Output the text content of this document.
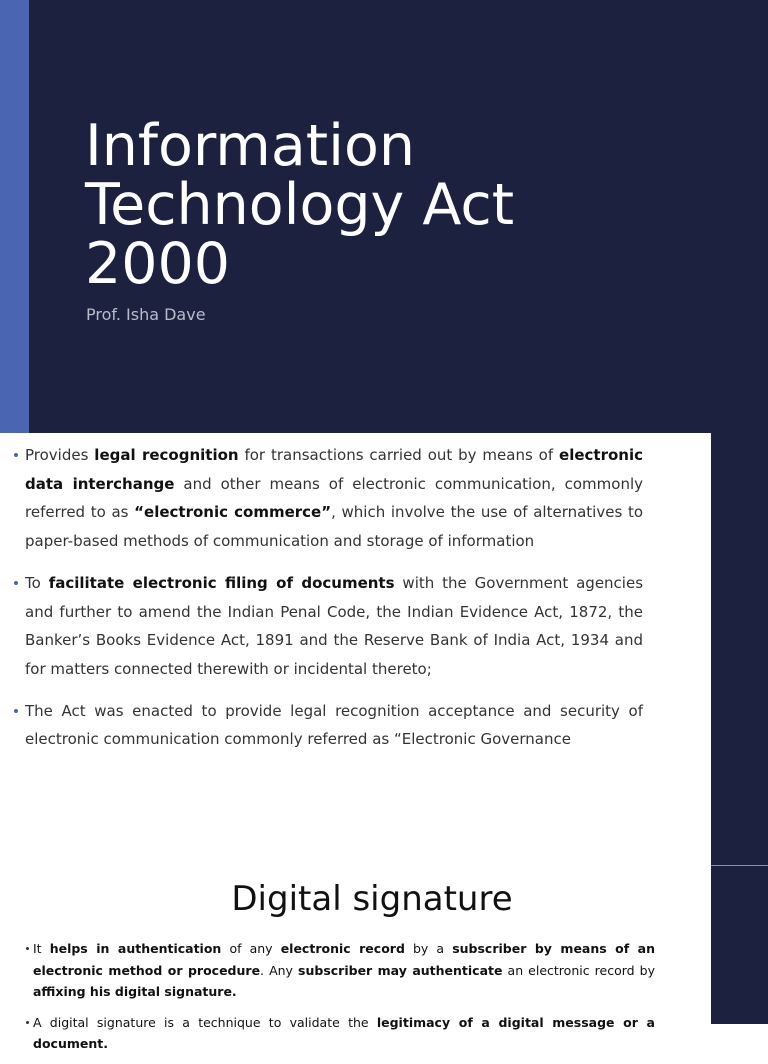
Information Technology Act 2000

Prof. Isha Dave

Provides legal recognition for transactions carried out by means of electronic data interchange and other means of electronic communication, commonly referred to as “electronic commerce”, which involve the use of alternatives to paper-based methods of communication and storage of information
To facilitate electronic filing of documents with the Government agencies and further to amend the Indian Penal Code, the Indian Evidence Act, 1872, the Banker’s Books Evidence Act, 1891 and the Reserve Bank of India Act, 1934 and for matters connected therewith or incidental thereto;
The Act was enacted to provide legal recognition acceptance and security of electronic communication commonly referred as “Electronic Governance
Digital signature
It helps in authentication of any electronic record by a subscriber by means of an electronic method or procedure. Any subscriber may authenticate an electronic record by affixing his digital signature.
A digital signature is a technique to validate the legitimacy of a digital message or a document.
